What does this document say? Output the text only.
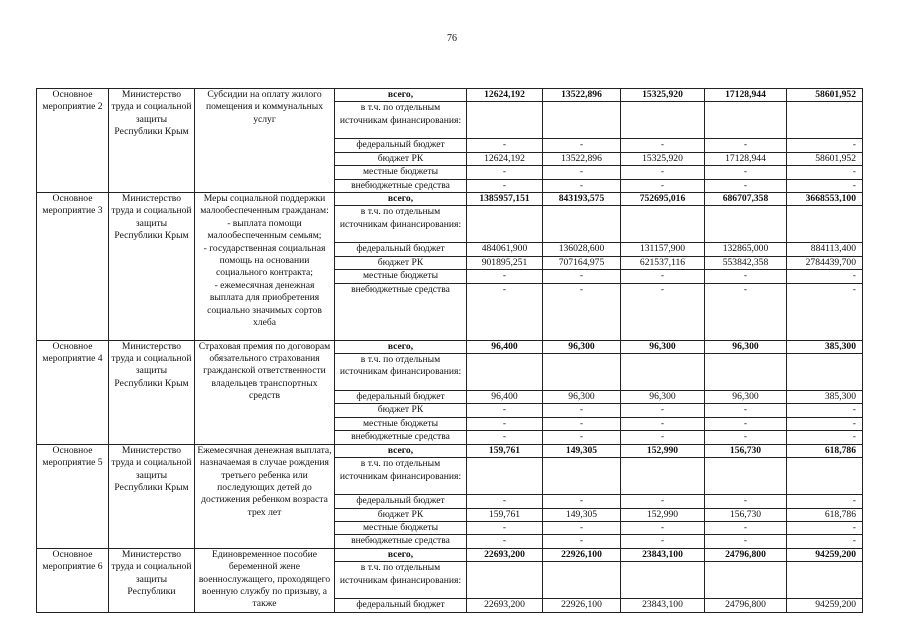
76
Основное мероприятие 2	Министерство труда и социальной защиты Республики Крым	Субсидии на оплату жилого помещения и коммунальных услуг	всего,	12624,192	13522,896	15325,920	17128,944	58601,952
			в т.ч. по отдельным источникам финансирования:					
			федеральный бюджет	-	-	-	-	-
			бюджет РК	12624,192	13522,896	15325,920	17128,944	58601,952
			местные бюджеты	-	-	-	-	-
			внебюджетные средства	-	-	-	-	-
Основное мероприятие 3	Министерство труда и социальной защиты Республики Крым	Меры социальной поддержки малообеспеченным гражданам:
- выплата помощи малообеспеченным семьям;
- государственная социальная помощь на основании социального контракта;
- ежемесячная денежная выплата для приобретения социально значимых сортов хлеба	всего,	1385957,151	843193,575	752695,016	686707,358	3668553,100
			в т.ч. по отдельным источникам финансирования:					
			федеральный бюджет	484061,900	136028,600	131157,900	132865,000	884113,400
			бюджет РК	901895,251	707164,975	621537,116	553842,358	2784439,700
			местные бюджеты	-	-	-	-	-
			внебюджетные средства	-	-	-	-	-
Основное мероприятие 4	Министерство труда и социальной защиты Республики Крым	Страховая премия по договорам обязательного страхования гражданской ответственности владельцев транспортных средств	всего,	96,400	96,300	96,300	96,300	385,300
			в т.ч. по отдельным источникам финансирования:					
			федеральный бюджет	96,400	96,300	96,300	96,300	385,300
			бюджет РК	-	-	-	-	-
			местные бюджеты	-	-	-	-	-
			внебюджетные средства	-	-	-	-	-
Основное мероприятие 5	Министерство труда и социальной защиты Республики Крым	Ежемесячная денежная выплата, назначаемая в случае рождения третьего ребенка или последующих детей до достижения ребенком возраста трех лет	всего,	159,761	149,305	152,990	156,730	618,786
			в т.ч. по отдельным источникам финансирования:					
			федеральный бюджет	-	-	-	-	-
			бюджет РК	159,761	149,305	152,990	156,730	618,786
			местные бюджеты	-	-	-	-	-
			внебюджетные средства	-	-	-	-	-
Основное мероприятие 6	Министерство труда и социальной защиты Республики	Единовременное пособие беременной жене военнослужащего, проходящего военную службу по призыву, а также	всего,	22693,200	22926,100	23843,100	24796,800	94259,200
			в т.ч. по отдельным источникам финансирования:					
			федеральный бюджет	22693,200	22926,100	23843,100	24796,800	94259,200
